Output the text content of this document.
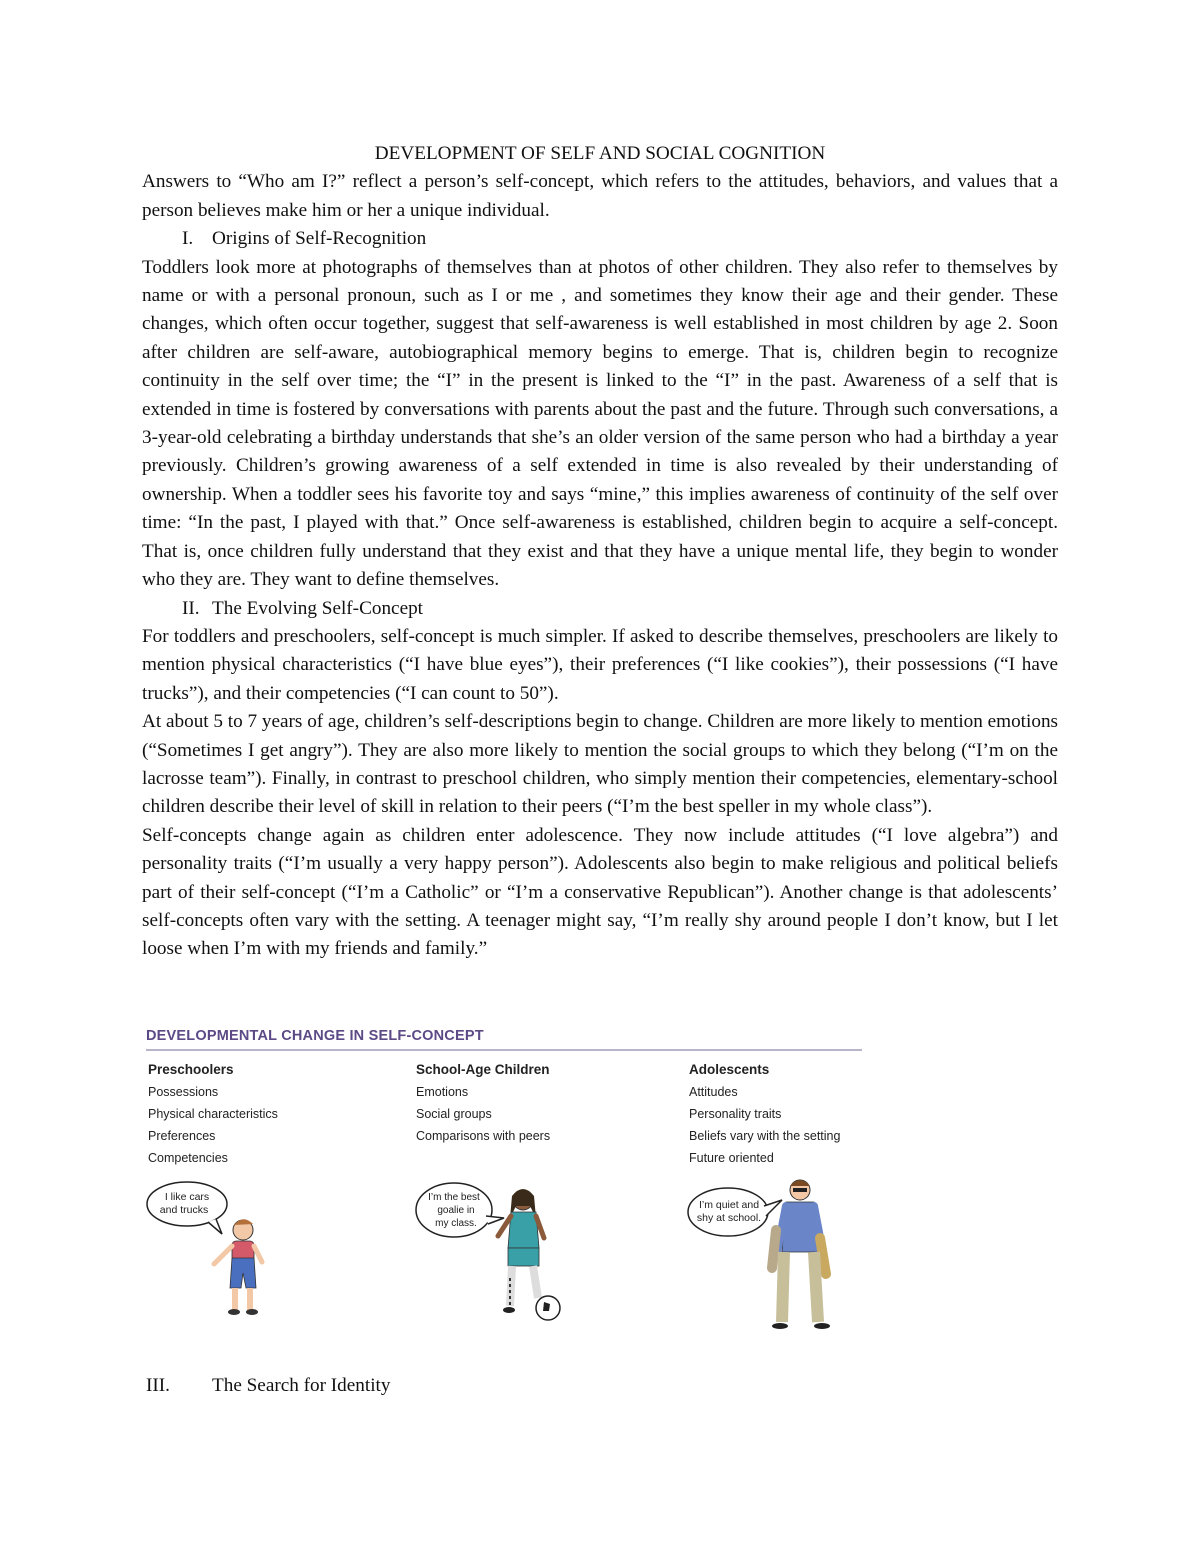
DEVELOPMENT OF SELF AND SOCIAL COGNITION

Answers to “Who am I?” reflect a person’s self-concept, which refers to the attitudes, behaviors, and values that a person believes make him or her a unique individual.

I. Origins of Self-Recognition

Toddlers look more at photographs of themselves than at photos of other children. They also refer to themselves by name or with a personal pronoun, such as I or me , and sometimes they know their age and their gender. These changes, which often occur together, suggest that self-awareness is well established in most children by age 2. Soon after children are self-aware, autobiographical memory begins to emerge. That is, children begin to recognize continuity in the self over time; the “I” in the present is linked to the “I” in the past. Awareness of a self that is extended in time is fostered by conversations with parents about the past and the future. Through such conversations, a 3-year-old celebrating a birthday understands that she’s an older version of the same person who had a birthday a year previously. Children’s growing awareness of a self extended in time is also revealed by their understanding of ownership. When a toddler sees his favorite toy and says “mine,” this implies awareness of continuity of the self over time: “In the past, I played with that.” Once self-awareness is established, children begin to acquire a self-concept. That is, once children fully understand that they exist and that they have a unique mental life, they begin to wonder who they are. They want to define themselves.

II. The Evolving Self-Concept

For toddlers and preschoolers, self-concept is much simpler. If asked to describe themselves, preschoolers are likely to mention physical characteristics (“I have blue eyes”), their preferences (“I like cookies”), their possessions (“I have trucks”), and their competencies (“I can count to 50”).

At about 5 to 7 years of age, children’s self-descriptions begin to change. Children are more likely to mention emotions (“Sometimes I get angry”). They are also more likely to mention the social groups to which they belong (“I’m on the lacrosse team”). Finally, in contrast to preschool children, who simply mention their competencies, elementary-school children describe their level of skill in relation to their peers (“I’m the best speller in my whole class”).

Self-concepts change again as children enter adolescence. They now include attitudes (“I love algebra”) and personality traits (“I’m usually a very happy person”). Adolescents also begin to make religious and political beliefs part of their self-concept (“I’m a Catholic” or “I’m a conservative Republican”). Another change is that adolescents’ self-concepts often vary with the setting. A teenager might say, “I’m really shy around people I don’t know, but I let loose when I’m with my friends and family.”

DEVELOPMENTAL CHANGE IN SELF-CONCEPT
Preschoolers
Possessions
Physical characteristics
Preferences
Competencies
School-Age Children
Emotions
Social groups
Comparisons with peers
Adolescents
Attitudes
Personality traits
Beliefs vary with the setting
Future oriented
I like cars
and trucks
I’m the best
goalie in
my class.
I’m quiet and
shy at school.
III.	The Search for Identity
